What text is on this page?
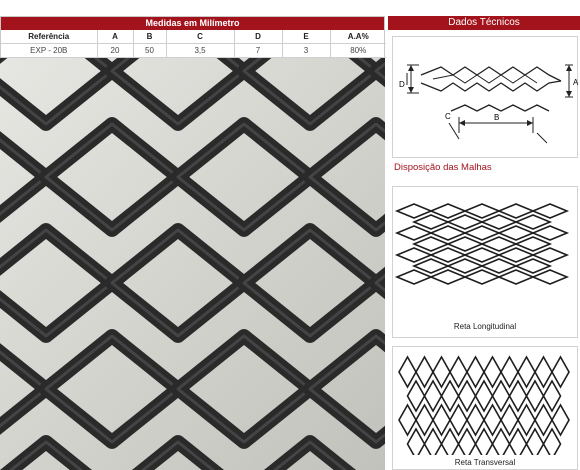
Medidas em Milímetro
Referência	A	B	C	D	E	A.A%
EXP - 20B	20	50	3,5	7	3	80%
Dados Técnicos
D	A
C	B
Disposição das Malhas
Reta Longitudinal
Reta Transversal
